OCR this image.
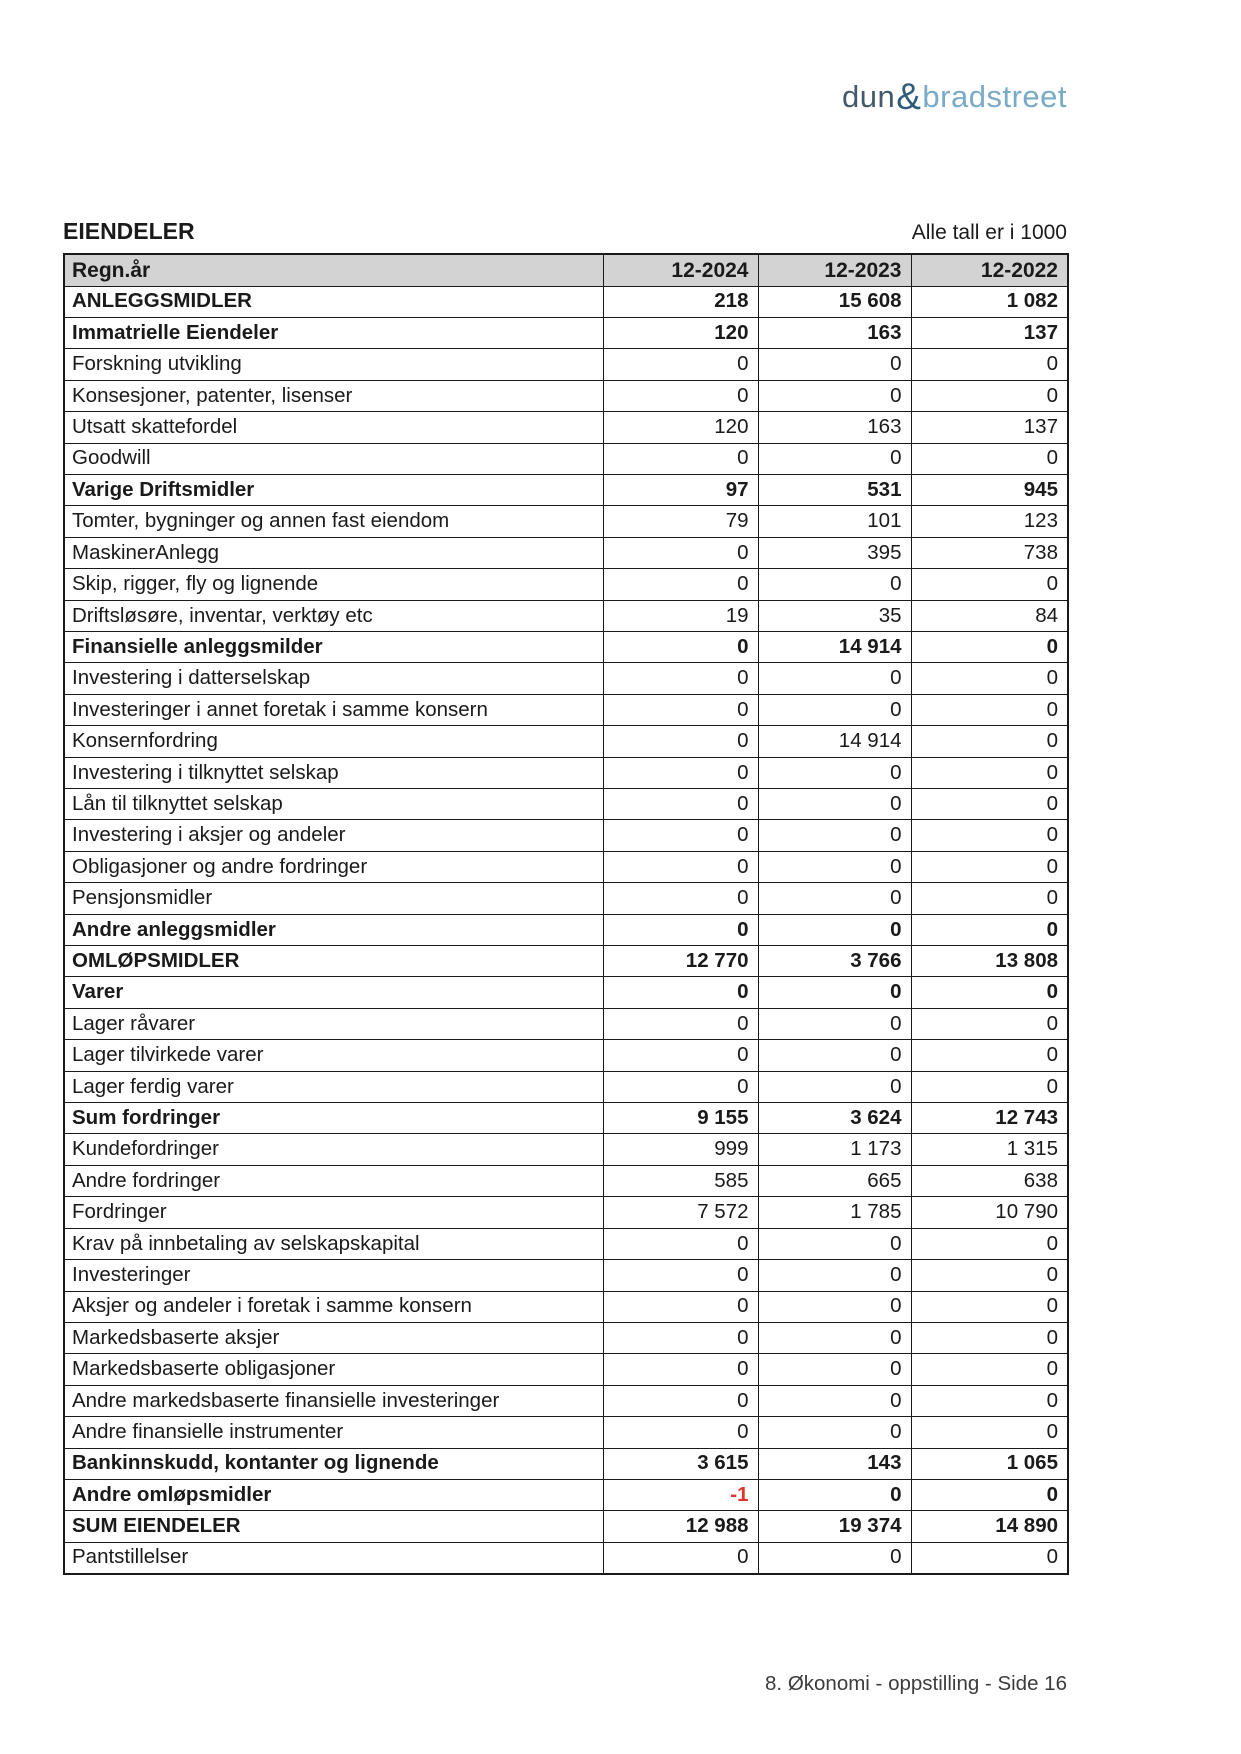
dun&bradstreet
EIENDELER	Alle tall er i 1000
Regn.år	12-2024	12-2023	12-2022
ANLEGGSMIDLER	218	15 608	1 082
Immatrielle Eiendeler	120	163	137
Forskning utvikling	0	0	0
Konsesjoner, patenter, lisenser	0	0	0
Utsatt skattefordel	120	163	137
Goodwill	0	0	0
Varige Driftsmidler	97	531	945
Tomter, bygninger og annen fast eiendom	79	101	123
MaskinerAnlegg	0	395	738
Skip, rigger, fly og lignende	0	0	0
Driftsløsøre, inventar, verktøy etc	19	35	84
Finansielle anleggsmilder	0	14 914	0
Investering i datterselskap	0	0	0
Investeringer i annet foretak i samme konsern	0	0	0
Konsernfordring	0	14 914	0
Investering i tilknyttet selskap	0	0	0
Lån til tilknyttet selskap	0	0	0
Investering i aksjer og andeler	0	0	0
Obligasjoner og andre fordringer	0	0	0
Pensjonsmidler	0	0	0
Andre anleggsmidler	0	0	0
OMLØPSMIDLER	12 770	3 766	13 808
Varer	0	0	0
Lager råvarer	0	0	0
Lager tilvirkede varer	0	0	0
Lager ferdig varer	0	0	0
Sum fordringer	9 155	3 624	12 743
Kundefordringer	999	1 173	1 315
Andre fordringer	585	665	638
Fordringer	7 572	1 785	10 790
Krav på innbetaling av selskapskapital	0	0	0
Investeringer	0	0	0
Aksjer og andeler i foretak i samme konsern	0	0	0
Markedsbaserte aksjer	0	0	0
Markedsbaserte obligasjoner	0	0	0
Andre markedsbaserte finansielle investeringer	0	0	0
Andre finansielle instrumenter	0	0	0
Bankinnskudd, kontanter og lignende	3 615	143	1 065
Andre omløpsmidler	-1	0	0
SUM EIENDELER	12 988	19 374	14 890
Pantstillelser	0	0	0
8. Økonomi - oppstilling - Side 16
